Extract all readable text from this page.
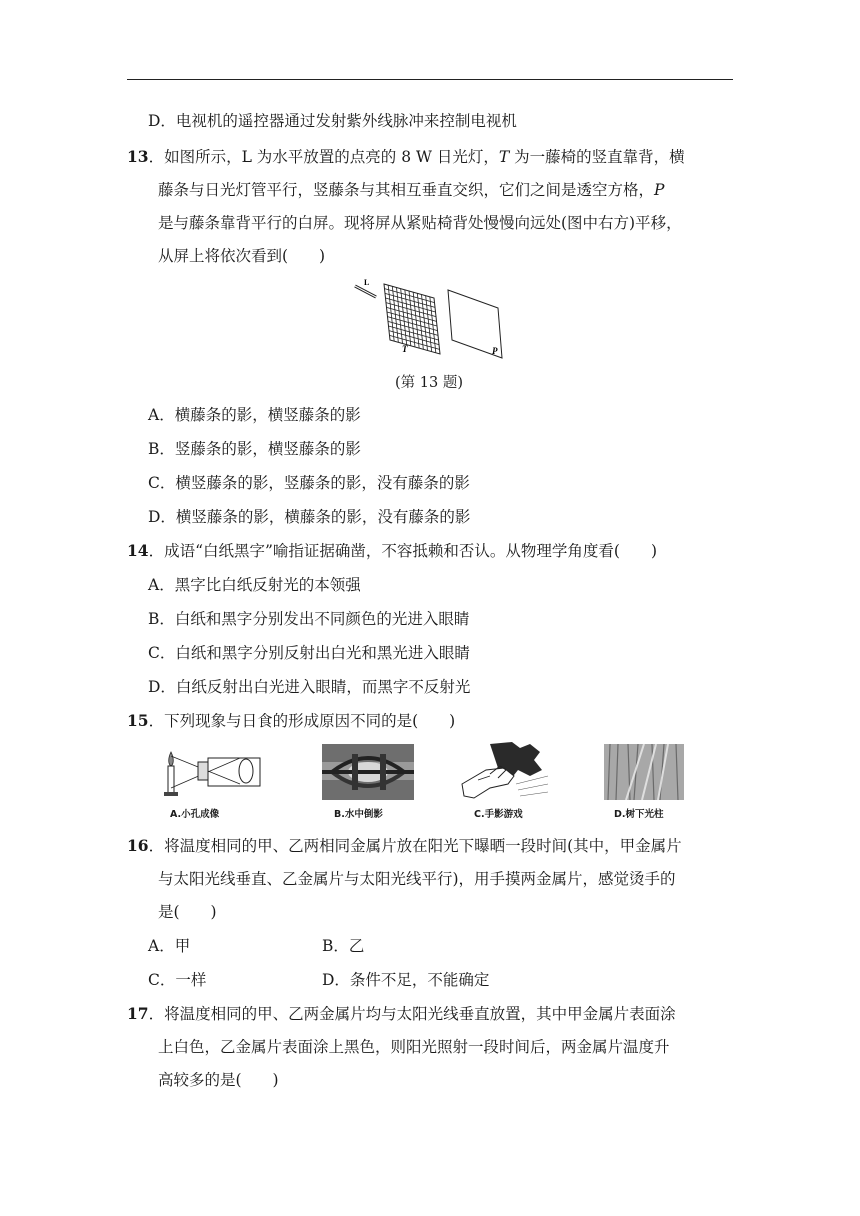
D．电视机的遥控器通过发射紫外线脉冲来控制电视机
13．如图所示，L 为水平放置的点亮的 8 W 日光灯，T 为一藤椅的竖直靠背，横
藤条与日光灯管平行，竖藤条与其相互垂直交织，它们之间是透空方格，P
是与藤条靠背平行的白屏。现将屏从紧贴椅背处慢慢向远处(图中右方)平移，
从屏上将依次看到(　　)
L
T	P
(第 13 题)
A．横藤条的影，横竖藤条的影
B．竖藤条的影，横竖藤条的影
C．横竖藤条的影，竖藤条的影，没有藤条的影
D．横竖藤条的影，横藤条的影，没有藤条的影
14．成语“白纸黑字”喻指证据确凿，不容抵赖和否认。从物理学角度看(　　)
A．黑字比白纸反射光的本领强
B．白纸和黑字分别发出不同颜色的光进入眼睛
C．白纸和黑字分别反射出白光和黑光进入眼睛
D．白纸反射出白光进入眼睛，而黑字不反射光
15．下列现象与日食的形成原因不同的是(　　)
A.小孔成像	B.水中倒影	C.手影游戏	D.树下光柱
16．将温度相同的甲、乙两相同金属片放在阳光下曝晒一段时间(其中，甲金属片
与太阳光线垂直、乙金属片与太阳光线平行)，用手摸两金属片，感觉烫手的
是(　　)
A．甲	B．乙
C．一样	D．条件不足，不能确定
17．将温度相同的甲、乙两金属片均与太阳光线垂直放置，其中甲金属片表面涂
上白色，乙金属片表面涂上黑色，则阳光照射一段时间后，两金属片温度升
高较多的是(　　)
